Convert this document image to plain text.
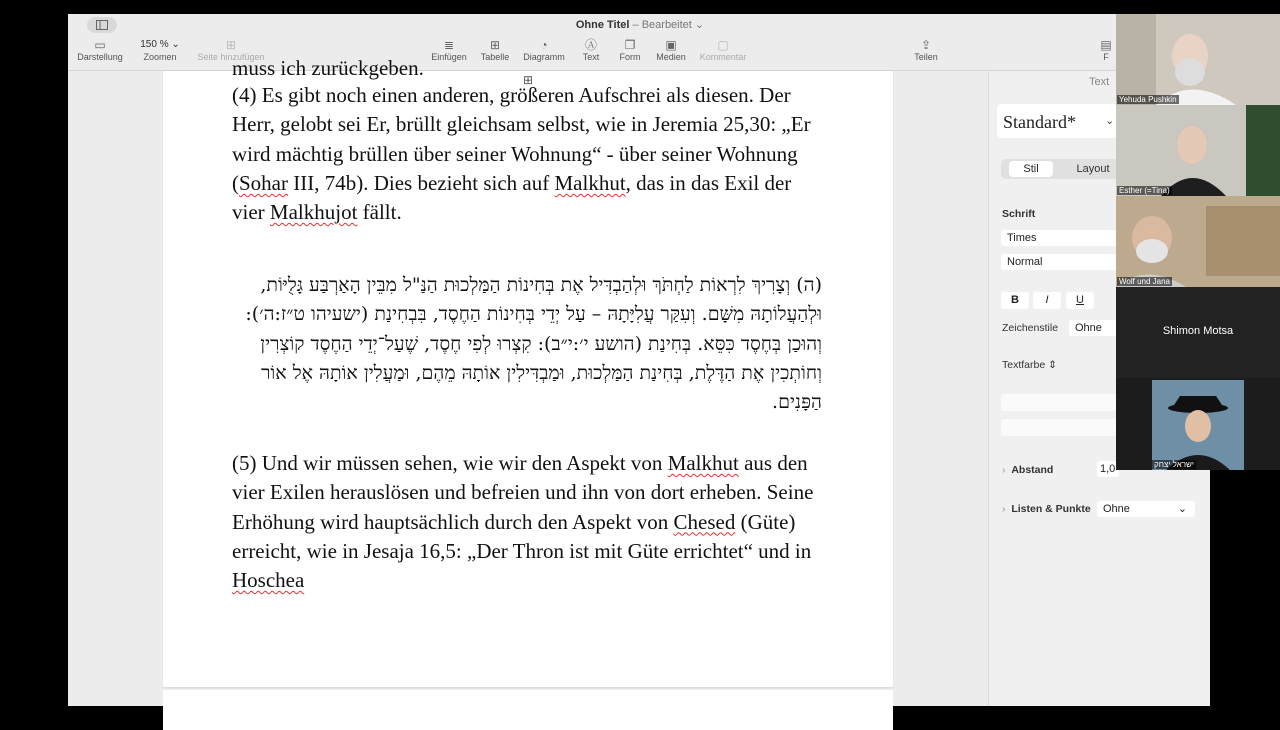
Ohne Titel – Bearbeitet ⌄
▭
Darstellung
150 % ⌄
Zoomen
⊞
Seite hinzufügen
≣
Einfügen
⊞
Tabelle
◔
Diagramm
Ⓐ
Text
❐
Form
▣
Medien
▢
Kommentar
⇪
Teilen
▤
F
muss ich zurückgeben.	⊞
(4) Es gibt noch einen anderen, größeren Aufschrei als diesen. Der Herr, gelobt sei Er, brüllt gleichsam selbst, wie in Jeremia 25,30: „Er wird mächtig brüllen über seiner Wohnung“ - über seiner Wohnung (Sohar III, 74b). Dies bezieht sich auf Malkhut, das in das Exil der vier Malkhujot fällt.
(ה) וְצָרִיךְ לִרְאוֹת לַחְתֹּךְ וּלְהַבְדִּיל אֶת בְּחִינוֹת הַמַּלְכוּת הַנַּ"ל מִבֵּין הָאַרְבַּע גָּלֻיּוֹת, וּלְהַעֲלוֹתָהּ מִשָּׁם. וְעִקַּר עֲלִיָּתָהּ – עַל יְדֵי בְּחִינוֹת הַחֶסֶד, בִּבְחִינַת (ישעיהו ט״ז:ה׳): וְהוּכַן בְּחֶסֶד כִּסֵּא. בְּחִינַת (הושע י׳:י״ב): קִצְרוּ לְפִי חֶסֶד, שֶׁעַל־יְדֵי הַחֶסֶד קוֹצְרִין וְחוֹתְכִין אֶת הַדֶּלֶת, בְּחִינַת הַמַּלְכוּת, וּמַבְדִּילִין אוֹתָהּ מֵהֶם, וּמַעֲלִין אוֹתָהּ אֶל אוֹר הַפָּנִים.
(5) Und wir müssen sehen, wie wir den Aspekt von Malkhut aus den vier Exilen herauslösen und befreien und ihn von dort erheben. Seine Erhöhung wird hauptsächlich durch den Aspekt von Chesed (Güte) erreicht, wie in Jesaja 16,5: „Der Thron ist mit Güte errichtet“ und in Hoschea
Text
Standard*	⌄
Stil	Layout
Schrift
Times
Normal
B	I	U
Zeichenstile	Ohne
Textfarbe ⇕
› Abstand	1,0
› Listen & Punkte	Ohne	⌄
Yehuda Pushkin
Esther (=Tina)
Wolf und Jana
Shimon Motsa
ישראל יצחק
